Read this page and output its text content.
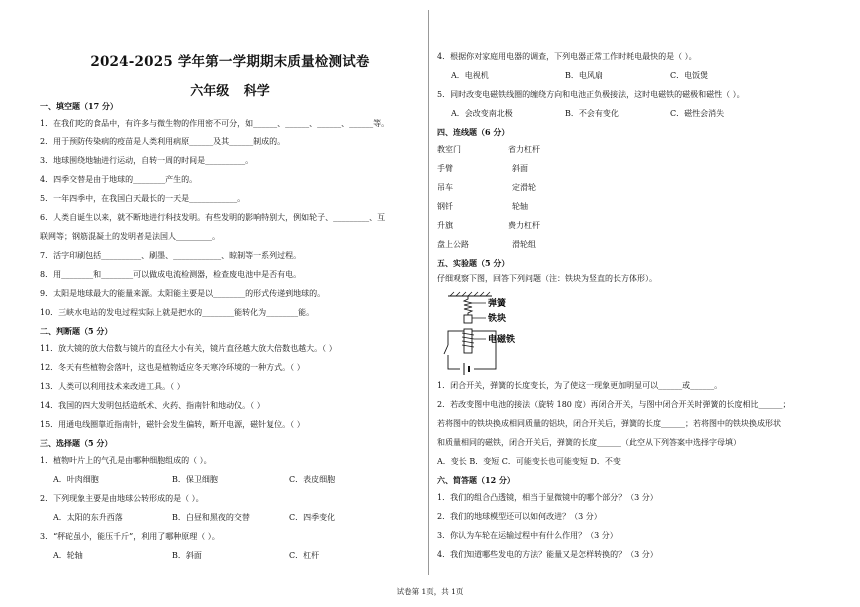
2024-2025 学年第一学期期末质量检测试卷
六年级 科学
一、填空题（17 分）
1．在我们吃的食品中，有许多与微生物的作用密不可分，如______、______、______、______等。
2．用于预防传染病的疫苗是人类利用病原______及其______制成的。
3．地球围绕地轴进行运动，自转一周的时间是__________。
4．四季交替是由于地球的________产生的。
5．一年四季中，在我国白天最长的一天是____________。
6．人类自诞生以来，就不断地进行科技发明。有些发明的影响特别大，例如轮子、_________、互
联网等；钢筋混凝土的发明者是法国人_________。
7．活字印刷包括__________、刷墨、____________、晾制等一系列过程。
8．用________和________可以做成电流检测器，检查废电池中是否有电。
9．太阳是地球最大的能量来源。太阳能主要是以________的形式传递到地球的。
10．三峡水电站的发电过程实际上就是把水的________能转化为________能。
二、判断题（5 分）
11．放大镜的放大倍数与镜片的直径大小有关，镜片直径越大放大倍数也越大。（ ）
12．冬天有些植物会落叶，这也是植物适应冬天寒冷环境的一种方式。（ ）
13．人类可以利用技术来改进工具。（ ）
14．我国的四大发明包括造纸术、火药、指南针和地动仪。（ ）
15．用通电线圈靠近指南针，磁针会发生偏转，断开电源，磁针复位。（ ）
三、选择题（5 分）
1．植物叶片上的气孔是由哪种细胞组成的（ ）。
A．叶肉细胞	B．保卫细胞	C．表皮细胞
2．下列现象主要是由地球公转形成的是（ ）。
A．太阳的东升西落	B．白昼和黑夜的交替	C．四季变化
3．“秤砣虽小，能压千斤”，利用了哪种原理（ ）。
A．轮轴	B．斜面	C．杠杆
4．根据你对家庭用电器的调查，下列电器正常工作时耗电最快的是（ ）。
A．电视机	B．电风扇	C．电饭煲
5．同时改变电磁铁线圈的缠绕方向和电池正负极接法，这时电磁铁的磁极和磁性（ ）。
A．会改变南北极	B．不会有变化	C．磁性会消失
四、连线题（6 分）
教室门	省力杠杆
手臂	斜面
吊车	定滑轮
钢钎	轮轴
升旗	费力杠杆
盘上公路	滑轮组
五、实验题（5 分）
仔细观察下图，回答下列问题（注：铁块为竖直的长方体形）。
弹簧
铁块
电磁铁
1．闭合开关，弹簧的长度变长，为了使这一现象更加明显可以______或______。
2．若改变图中电池的接法（旋转 180 度）再闭合开关，与图中闭合开关时弹簧的长度相比______；
若将图中的铁块换成相同质量的铝块，闭合开关后，弹簧的长度______；若将图中的铁块换成形状
和质量相同的磁铁，闭合开关后，弹簧的长度______（此空从下列答案中选择字母填）
A．变长 B．变短 C．可能变长也可能变短 D．不变
六、简答题（12 分）
1．我们的组合凸透镜，相当于显微镜中的哪个部分？（3 分）
2．我们的地球模型还可以如何改进？（3 分）
3．你认为车轮在运输过程中有什么作用？（3 分）
4．我们知道哪些发电的方法？能量又是怎样转换的？（3 分）
试卷第 1页，共 1页
